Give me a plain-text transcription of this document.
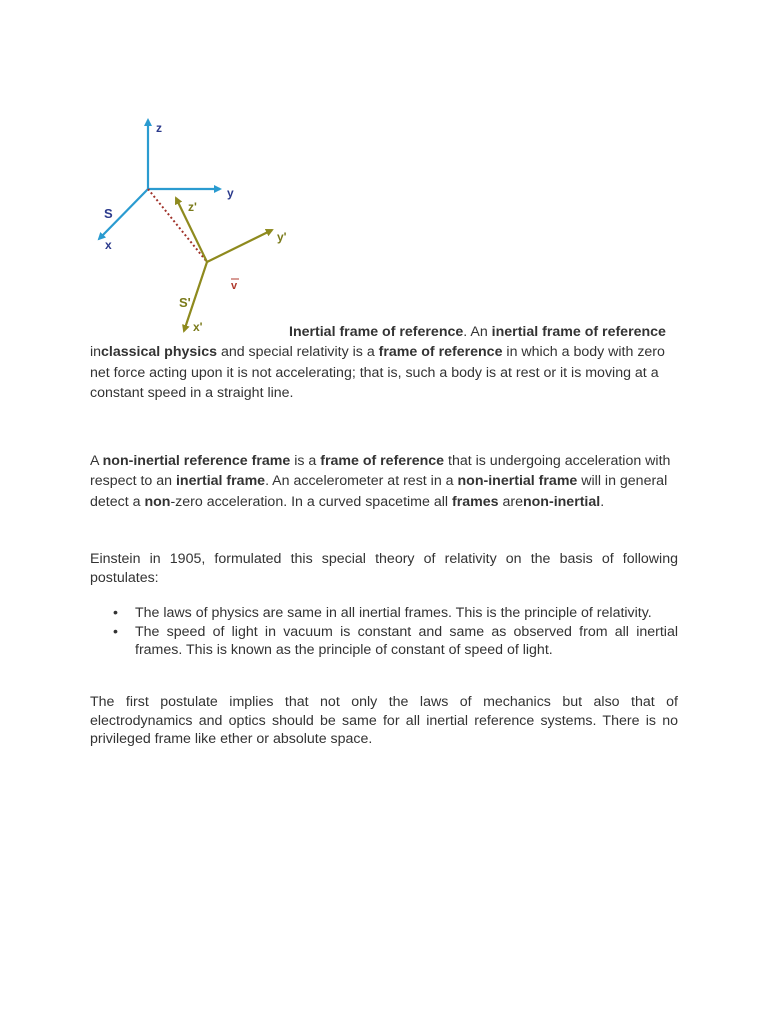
z
y
S
x
z'
y'
v
S'
x'	Inertial frame of reference. An inertial frame of reference inclassical physics and special relativity is a frame of reference in which a body with zero net force acting upon it is not accelerating; that is, such a body is at rest or it is moving at a constant speed in a straight line.

A non-inertial reference frame is a frame of reference that is undergoing acceleration with respect to an inertial frame. An accelerometer at rest in a non-inertial frame will in general detect a non-zero acceleration. In a curved spacetime all frames arenon-inertial.

Einstein in 1905, formulated this special theory of relativity on the basis of following postulates:

• The laws of physics are same in all inertial frames. This is the principle of relativity.
• The speed of light in vacuum is constant and same as observed from all inertial frames. This is known as the principle of constant of speed of light.

The first postulate implies that not only the laws of mechanics but also that of electrodynamics and optics should be same for all inertial reference systems. There is no privileged frame like ether or absolute space.
